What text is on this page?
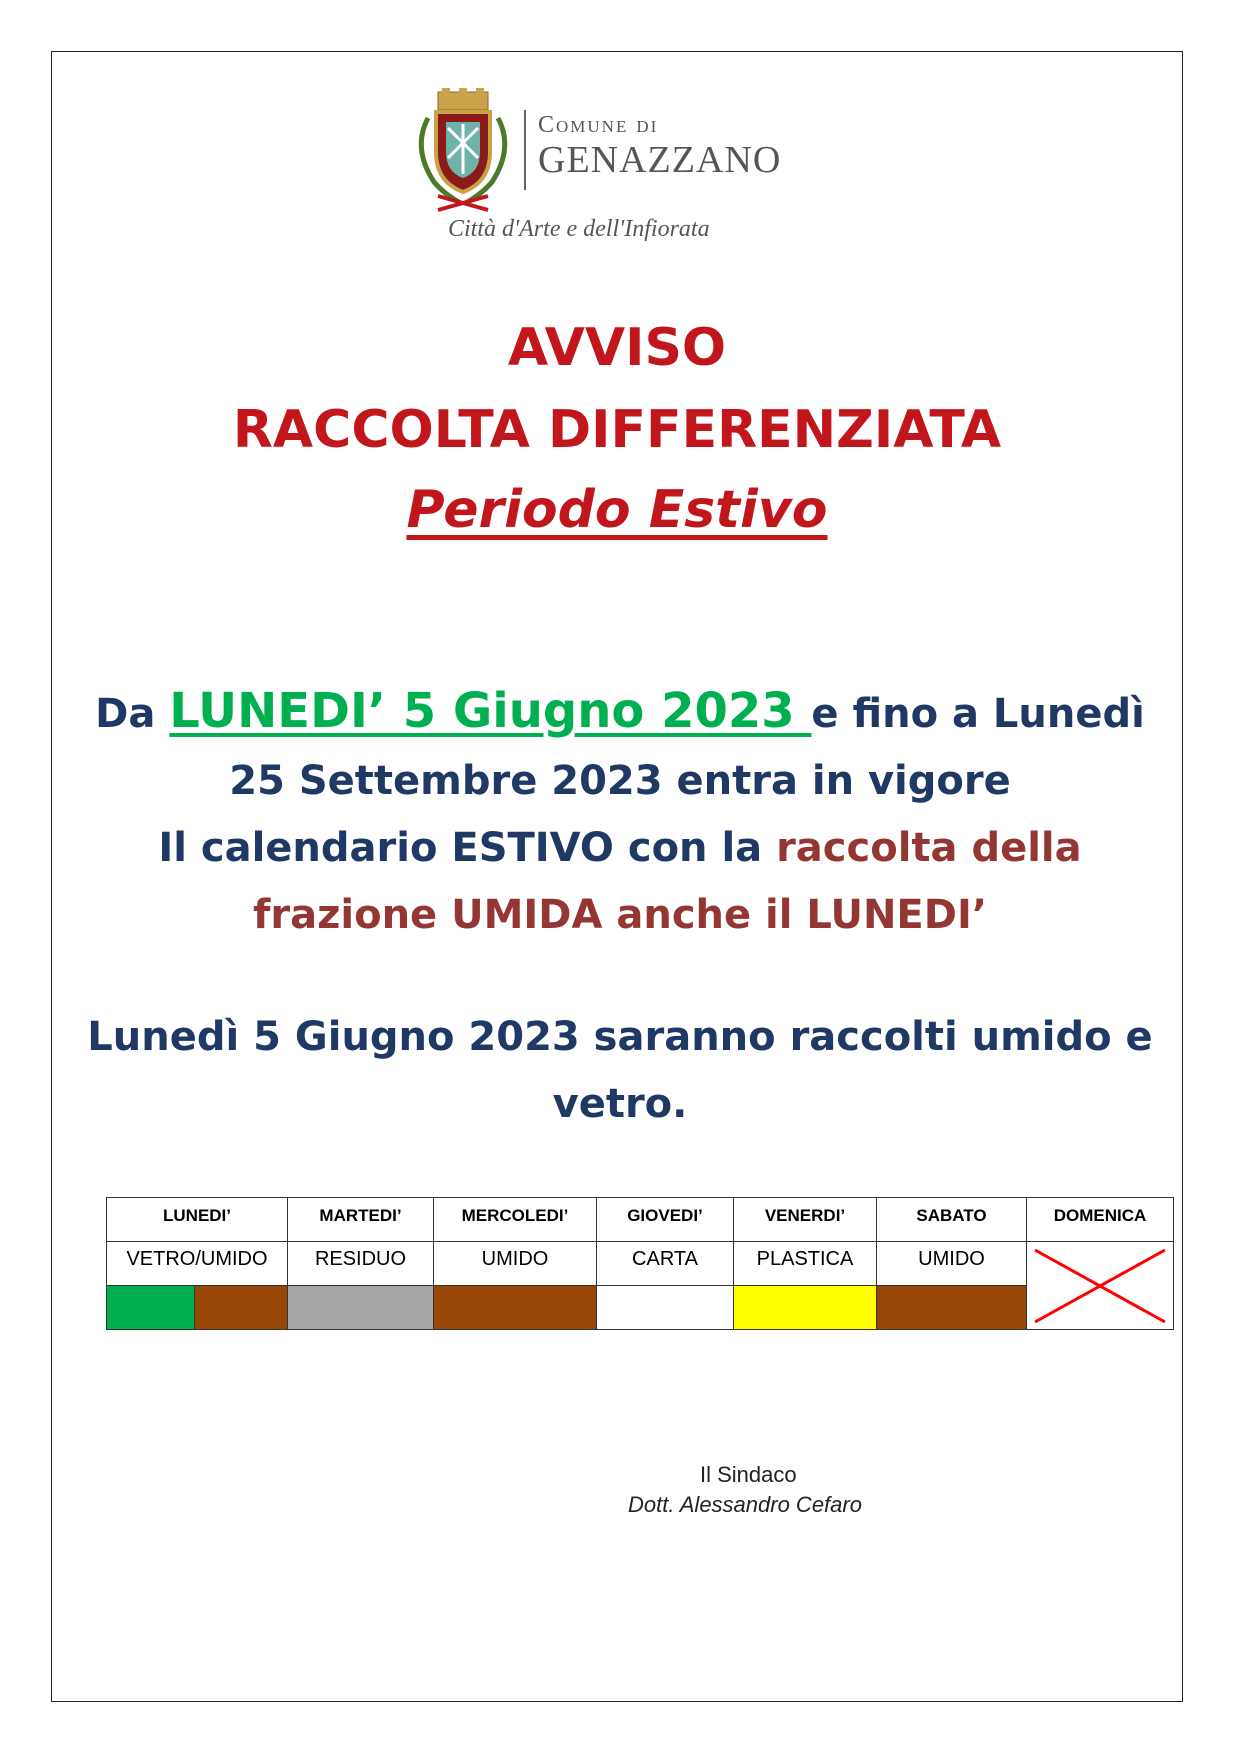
Comune di
GENAZZANO
Città d'Arte e dell'Infiorata
AVVISO
RACCOLTA DIFFERENZIATA
Periodo Estivo
Da LUNEDI’ 5 Giugno 2023 e fino a Lunedì 25 Settembre 2023 entra in vigore
Il calendario ESTIVO con la raccolta della frazione UMIDA anche il LUNEDI’
Lunedì 5 Giugno 2023 saranno raccolti umido e vetro.
LUNEDI’		MARTEDI’	MERCOLEDI’	GIOVEDI’	VENERDI’	SABATO	DOMENICA
VETRO/UMIDO		RESIDUO	UMIDO	CARTA	PLASTICA	UMIDO	

Il Sindaco
Dott. Alessandro Cefaro
